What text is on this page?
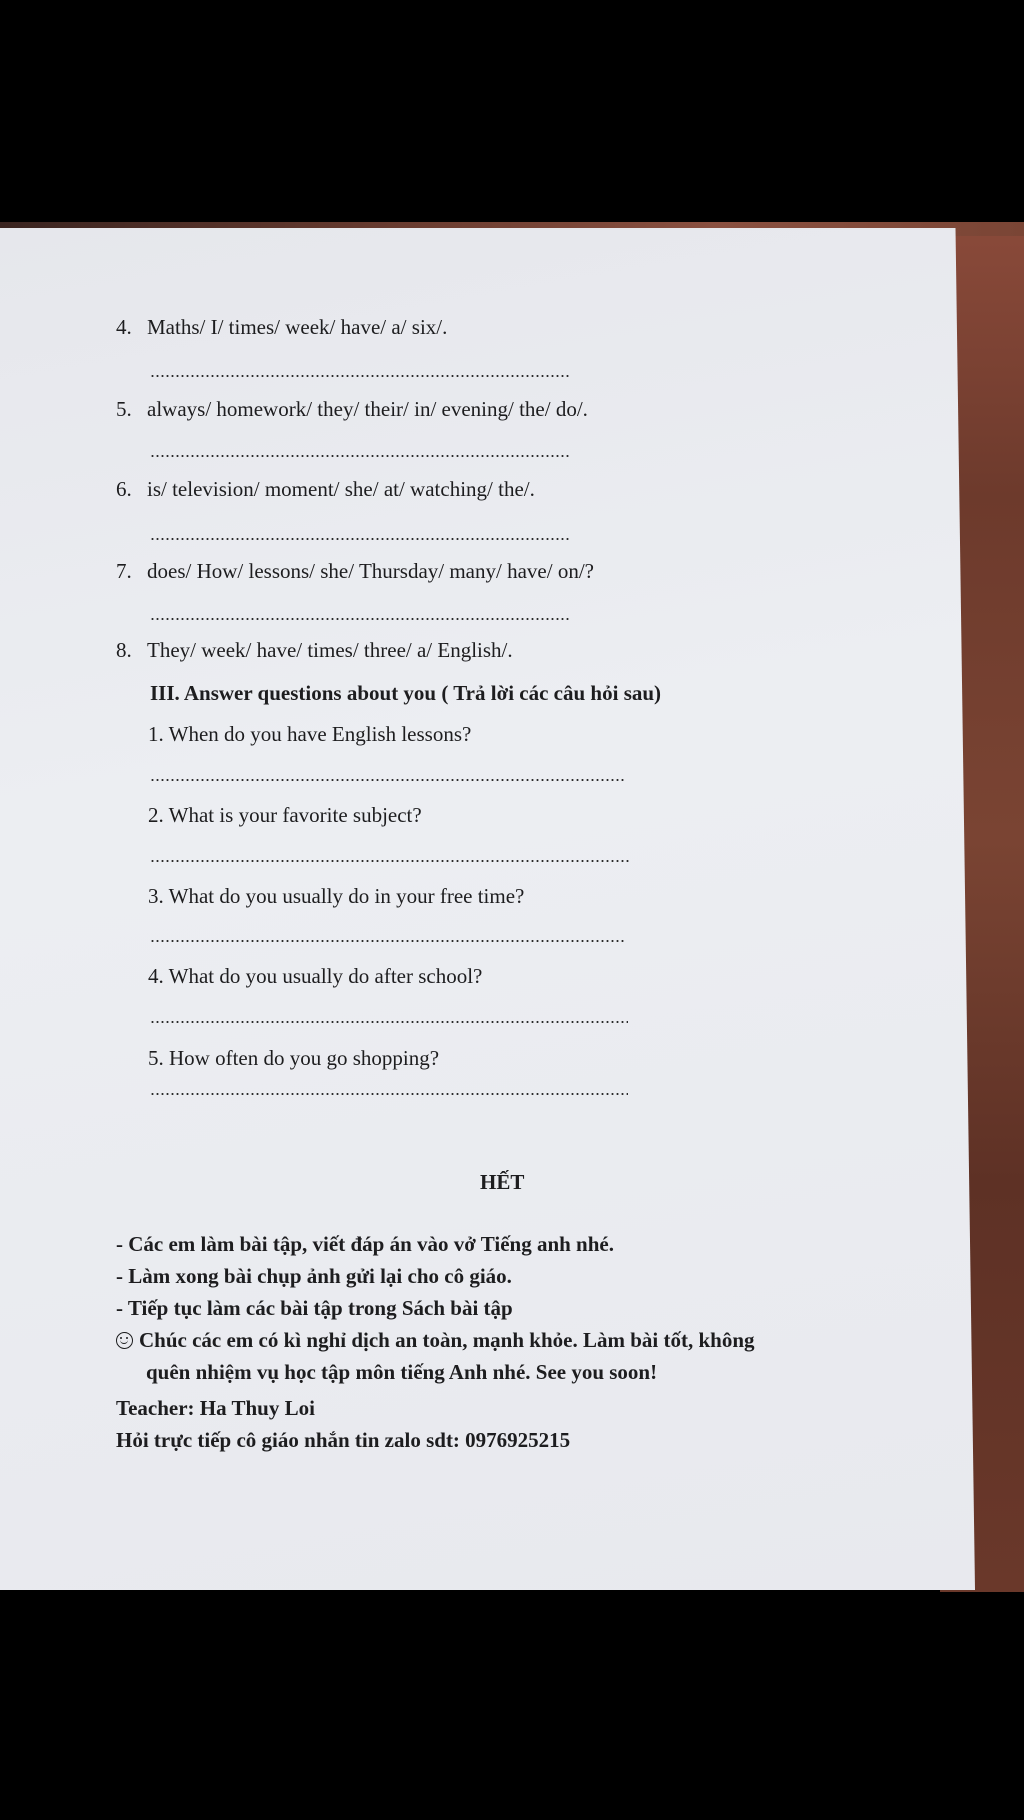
4. Maths/ I/ times/ week/ have/ a/ six/.
5. always/ homework/ they/ their/ in/ evening/ the/ do/.
6. is/ television/ moment/ she/ at/ watching/ the/.
7. does/ How/ lessons/ she/ Thursday/ many/ have/ on/?
8. They/ week/ have/ times/ three/ a/ English/.
III. Answer questions about you ( Trả lời các câu hỏi sau)
1. When do you have English lessons?
2. What is your favorite subject?
3. What do you usually do in your free time?
4. What do you usually do after school?
5. How often do you go shopping?
HẾT
- Các em làm bài tập, viết đáp án vào vở Tiếng anh nhé.
- Làm xong bài chụp ảnh gửi lại cho cô giáo.
- Tiếp tục làm các bài tập trong Sách bài tập
Chúc các em có kì nghỉ dịch an toàn, mạnh khỏe. Làm bài tốt, không
quên nhiệm vụ học tập môn tiếng Anh nhé. See you soon!
Teacher: Ha Thuy Loi
Hỏi trực tiếp cô giáo nhắn tin zalo sdt: 0976925215
